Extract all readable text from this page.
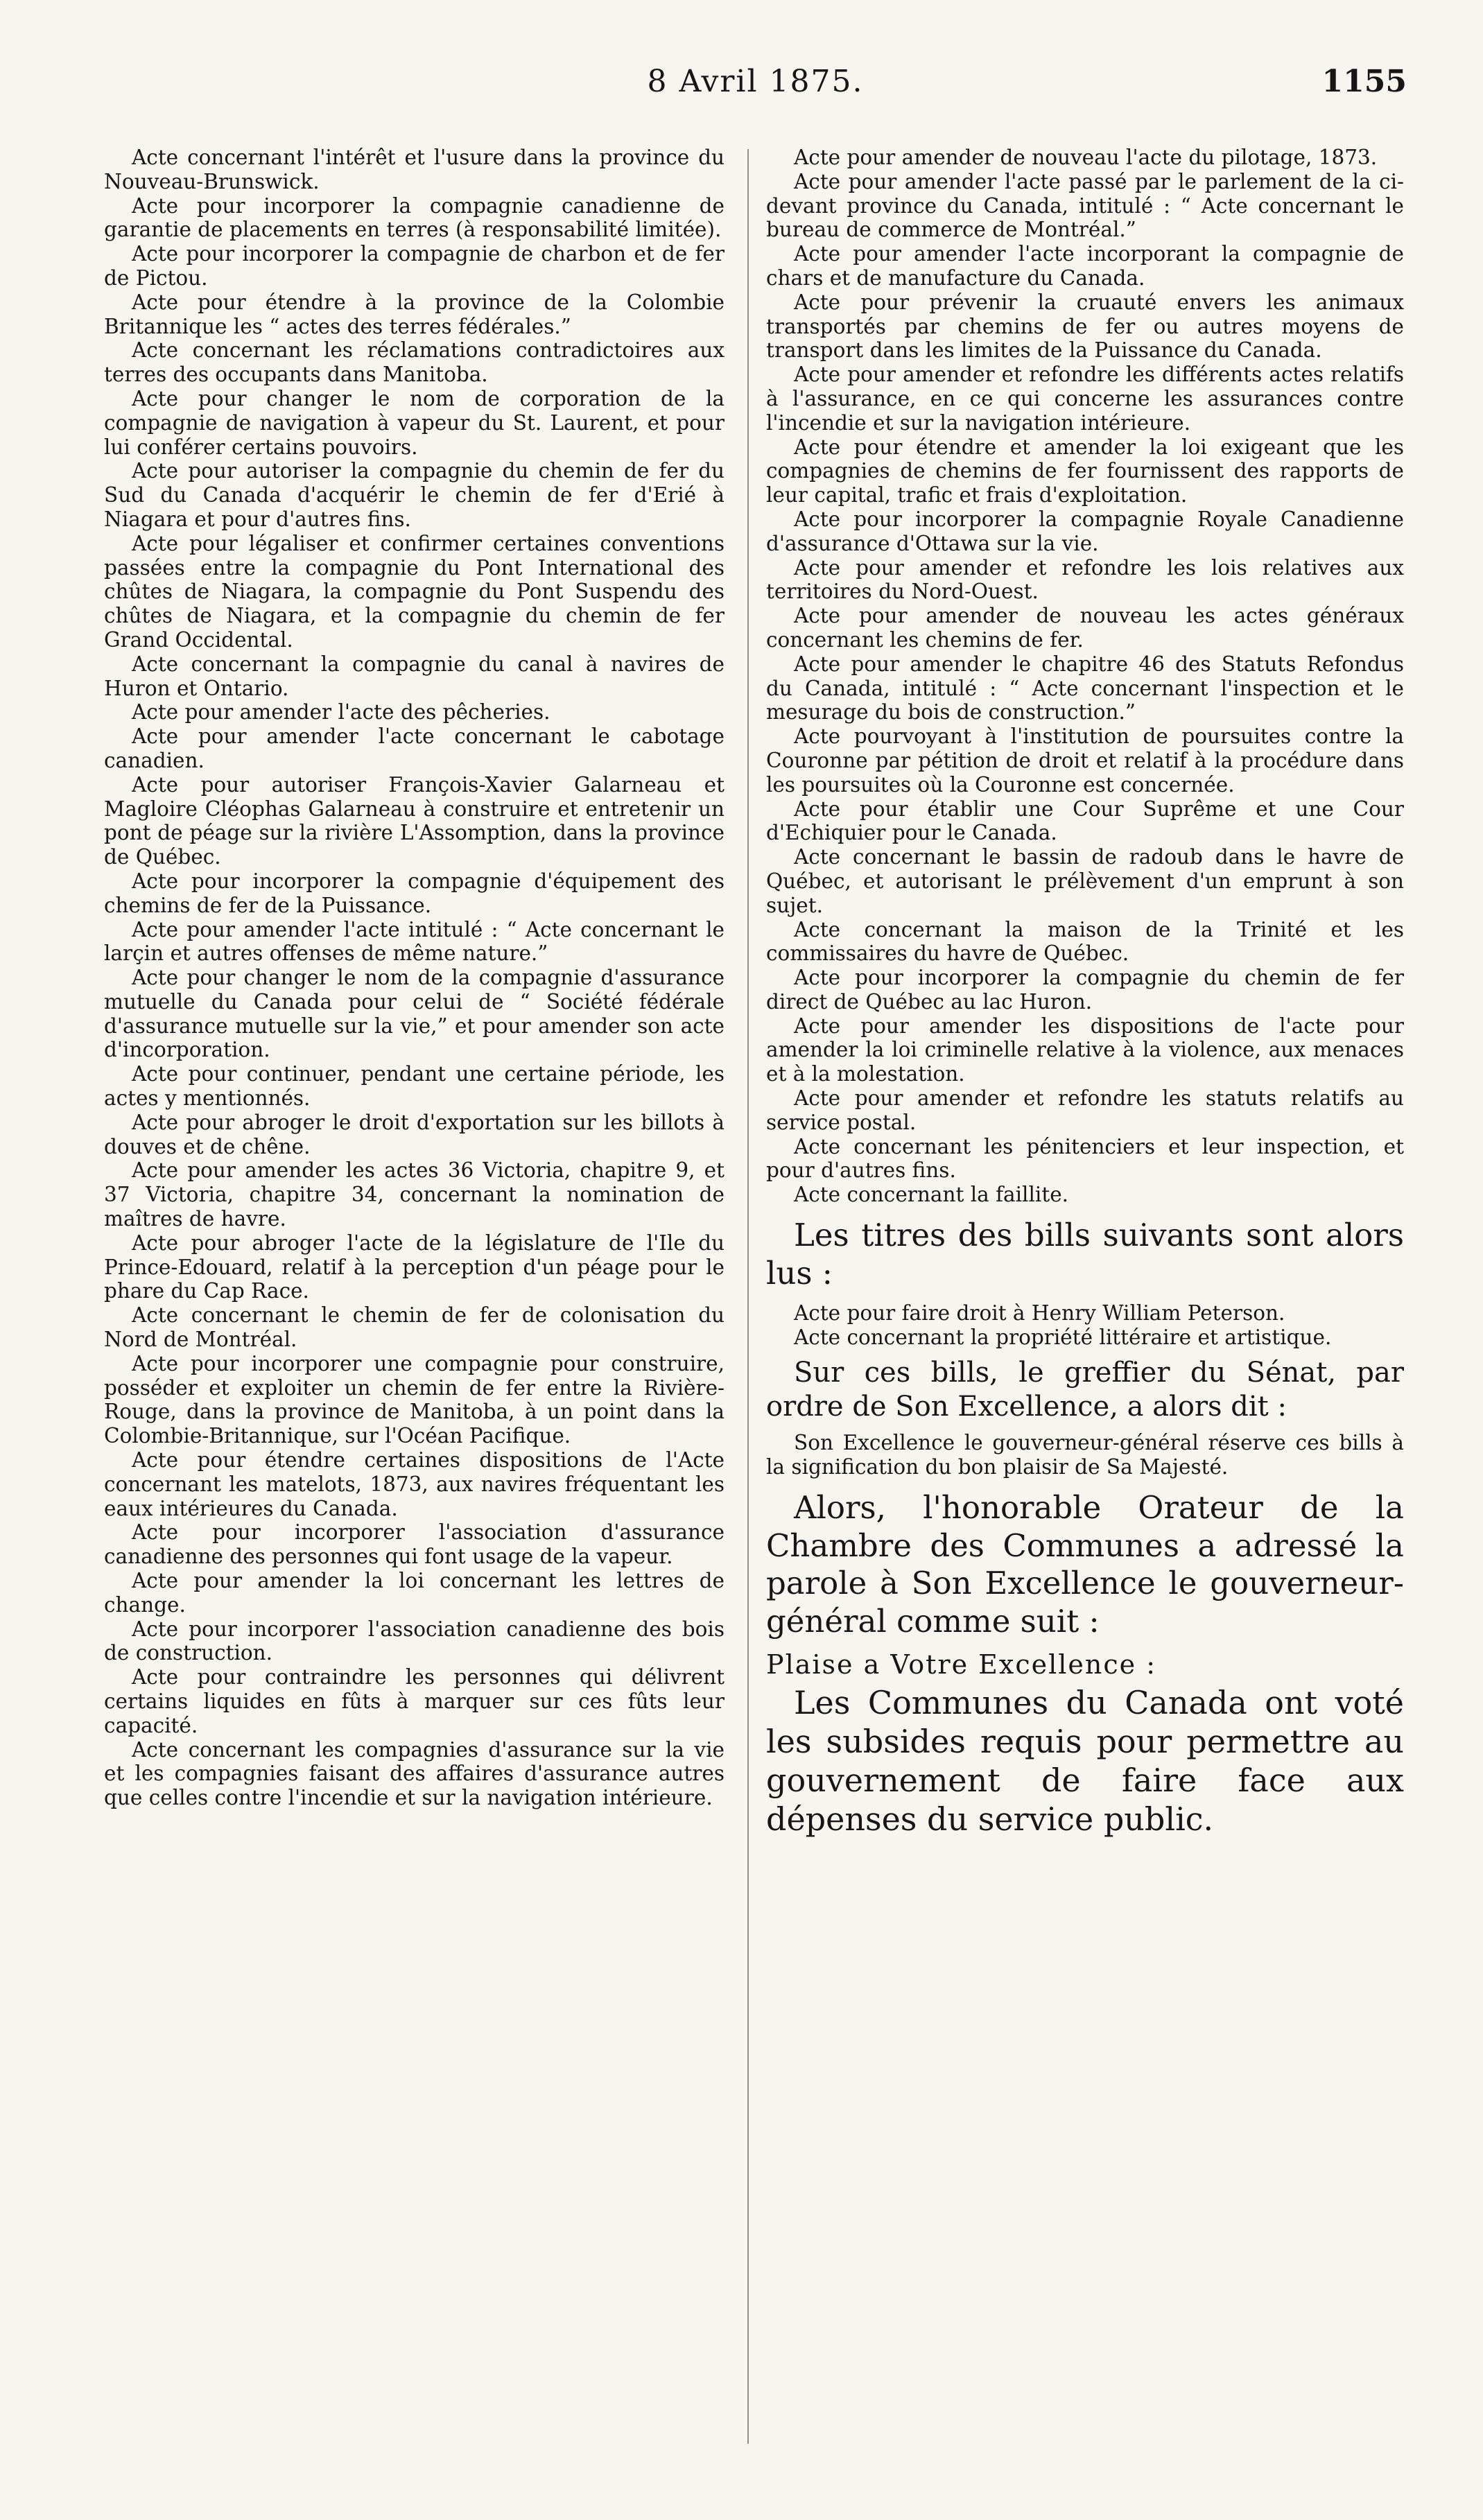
8 Avril 1875.	1155

Acte concernant l'intérêt et l'usure dans la province du Nouveau-Brunswick.

Acte pour incorporer la compagnie canadienne de garantie de placements en terres (à responsabilité limitée).

Acte pour incorporer la compagnie de charbon et de fer de Pictou.

Acte pour étendre à la province de la Colombie Britannique les “ actes des terres fédérales.”

Acte concernant les réclamations contradictoires aux terres des occupants dans Manitoba.

Acte pour changer le nom de corporation de la compagnie de navigation à vapeur du St. Laurent, et pour lui conférer certains pouvoirs.

Acte pour autoriser la compagnie du chemin de fer du Sud du Canada d'acquérir le chemin de fer d'Erié à Niagara et pour d'autres fins.

Acte pour légaliser et confirmer certaines conventions passées entre la compagnie du Pont International des chûtes de Niagara, la compagnie du Pont Suspendu des chûtes de Niagara, et la compagnie du chemin de fer Grand Occidental.

Acte concernant la compagnie du canal à navires de Huron et Ontario.

Acte pour amender l'acte des pêcheries.

Acte pour amender l'acte concernant le cabotage canadien.

Acte pour autoriser François-Xavier Galarneau et Magloire Cléophas Galarneau à construire et entretenir un pont de péage sur la rivière L'Assomption, dans la province de Québec.

Acte pour incorporer la compagnie d'équipement des chemins de fer de la Puissance.

Acte pour amender l'acte intitulé : “ Acte concernant le larçin et autres offenses de même nature.”

Acte pour changer le nom de la compagnie d'assurance mutuelle du Canada pour celui de “ Société fédérale d'assurance mutuelle sur la vie,” et pour amender son acte d'incorporation.

Acte pour continuer, pendant une certaine période, les actes y mentionnés.

Acte pour abroger le droit d'exportation sur les billots à douves et de chêne.

Acte pour amender les actes 36 Victoria, chapitre 9, et 37 Victoria, chapitre 34, concernant la nomination de maîtres de havre.

Acte pour abroger l'acte de la législature de l'Ile du Prince-Edouard, relatif à la perception d'un péage pour le phare du Cap Race.

Acte concernant le chemin de fer de colonisation du Nord de Montréal.

Acte pour incorporer une compagnie pour construire, posséder et exploiter un chemin de fer entre la Rivière-Rouge, dans la province de Manitoba, à un point dans la Colombie-Britannique, sur l'Océan Pacifique.

Acte pour étendre certaines dispositions de l'Acte concernant les matelots, 1873, aux navires fréquentant les eaux intérieures du Canada.

Acte pour incorporer l'association d'assurance canadienne des personnes qui font usage de la vapeur.

Acte pour amender la loi concernant les lettres de change.

Acte pour incorporer l'association canadienne des bois de construction.

Acte pour contraindre les personnes qui délivrent certains liquides en fûts à marquer sur ces fûts leur capacité.

Acte concernant les compagnies d'assurance sur la vie et les compagnies faisant des affaires d'assurance autres que celles contre l'incendie et sur la navigation intérieure.

Acte pour amender de nouveau l'acte du pilotage, 1873.

Acte pour amender l'acte passé par le parlement de la ci-devant province du Canada, intitulé : “ Acte concernant le bureau de commerce de Montréal.”

Acte pour amender l'acte incorporant la compagnie de chars et de manufacture du Canada.

Acte pour prévenir la cruauté envers les animaux transportés par chemins de fer ou autres moyens de transport dans les limites de la Puissance du Canada.

Acte pour amender et refondre les différents actes relatifs à l'assurance, en ce qui concerne les assurances contre l'incendie et sur la navigation intérieure.

Acte pour étendre et amender la loi exigeant que les compagnies de chemins de fer fournissent des rapports de leur capital, trafic et frais d'exploitation.

Acte pour incorporer la compagnie Royale Canadienne d'assurance d'Ottawa sur la vie.

Acte pour amender et refondre les lois relatives aux territoires du Nord-Ouest.

Acte pour amender de nouveau les actes généraux concernant les chemins de fer.

Acte pour amender le chapitre 46 des Statuts Refondus du Canada, intitulé : “ Acte concernant l'inspection et le mesurage du bois de construction.”

Acte pourvoyant à l'institution de poursuites contre la Couronne par pétition de droit et relatif à la procédure dans les poursuites où la Couronne est concernée.

Acte pour établir une Cour Suprême et une Cour d'Echiquier pour le Canada.

Acte concernant le bassin de radoub dans le havre de Québec, et autorisant le prélèvement d'un emprunt à son sujet.

Acte concernant la maison de la Trinité et les commissaires du havre de Québec.

Acte pour incorporer la compagnie du chemin de fer direct de Québec au lac Huron.

Acte pour amender les dispositions de l'acte pour amender la loi criminelle relative à la violence, aux menaces et à la molestation.

Acte pour amender et refondre les statuts relatifs au service postal.

Acte concernant les pénitenciers et leur inspection, et pour d'autres fins.

Acte concernant la faillite.

Les titres des bills suivants sont alors lus :

Acte pour faire droit à Henry William Peterson.

Acte concernant la propriété littéraire et artistique.

Sur ces bills, le greffier du Sénat, par ordre de Son Excellence, a alors dit :

Son Excellence le gouverneur-général réserve ces bills à la signification du bon plaisir de Sa Majesté.

Alors, l'honorable Orateur de la Chambre des Communes a adressé la parole à Son Excellence le gouverneur-général comme suit :

Plaise a Votre Excellence :

Les Communes du Canada ont voté les subsides requis pour permettre au gouvernement de faire face aux dépenses du service public.
